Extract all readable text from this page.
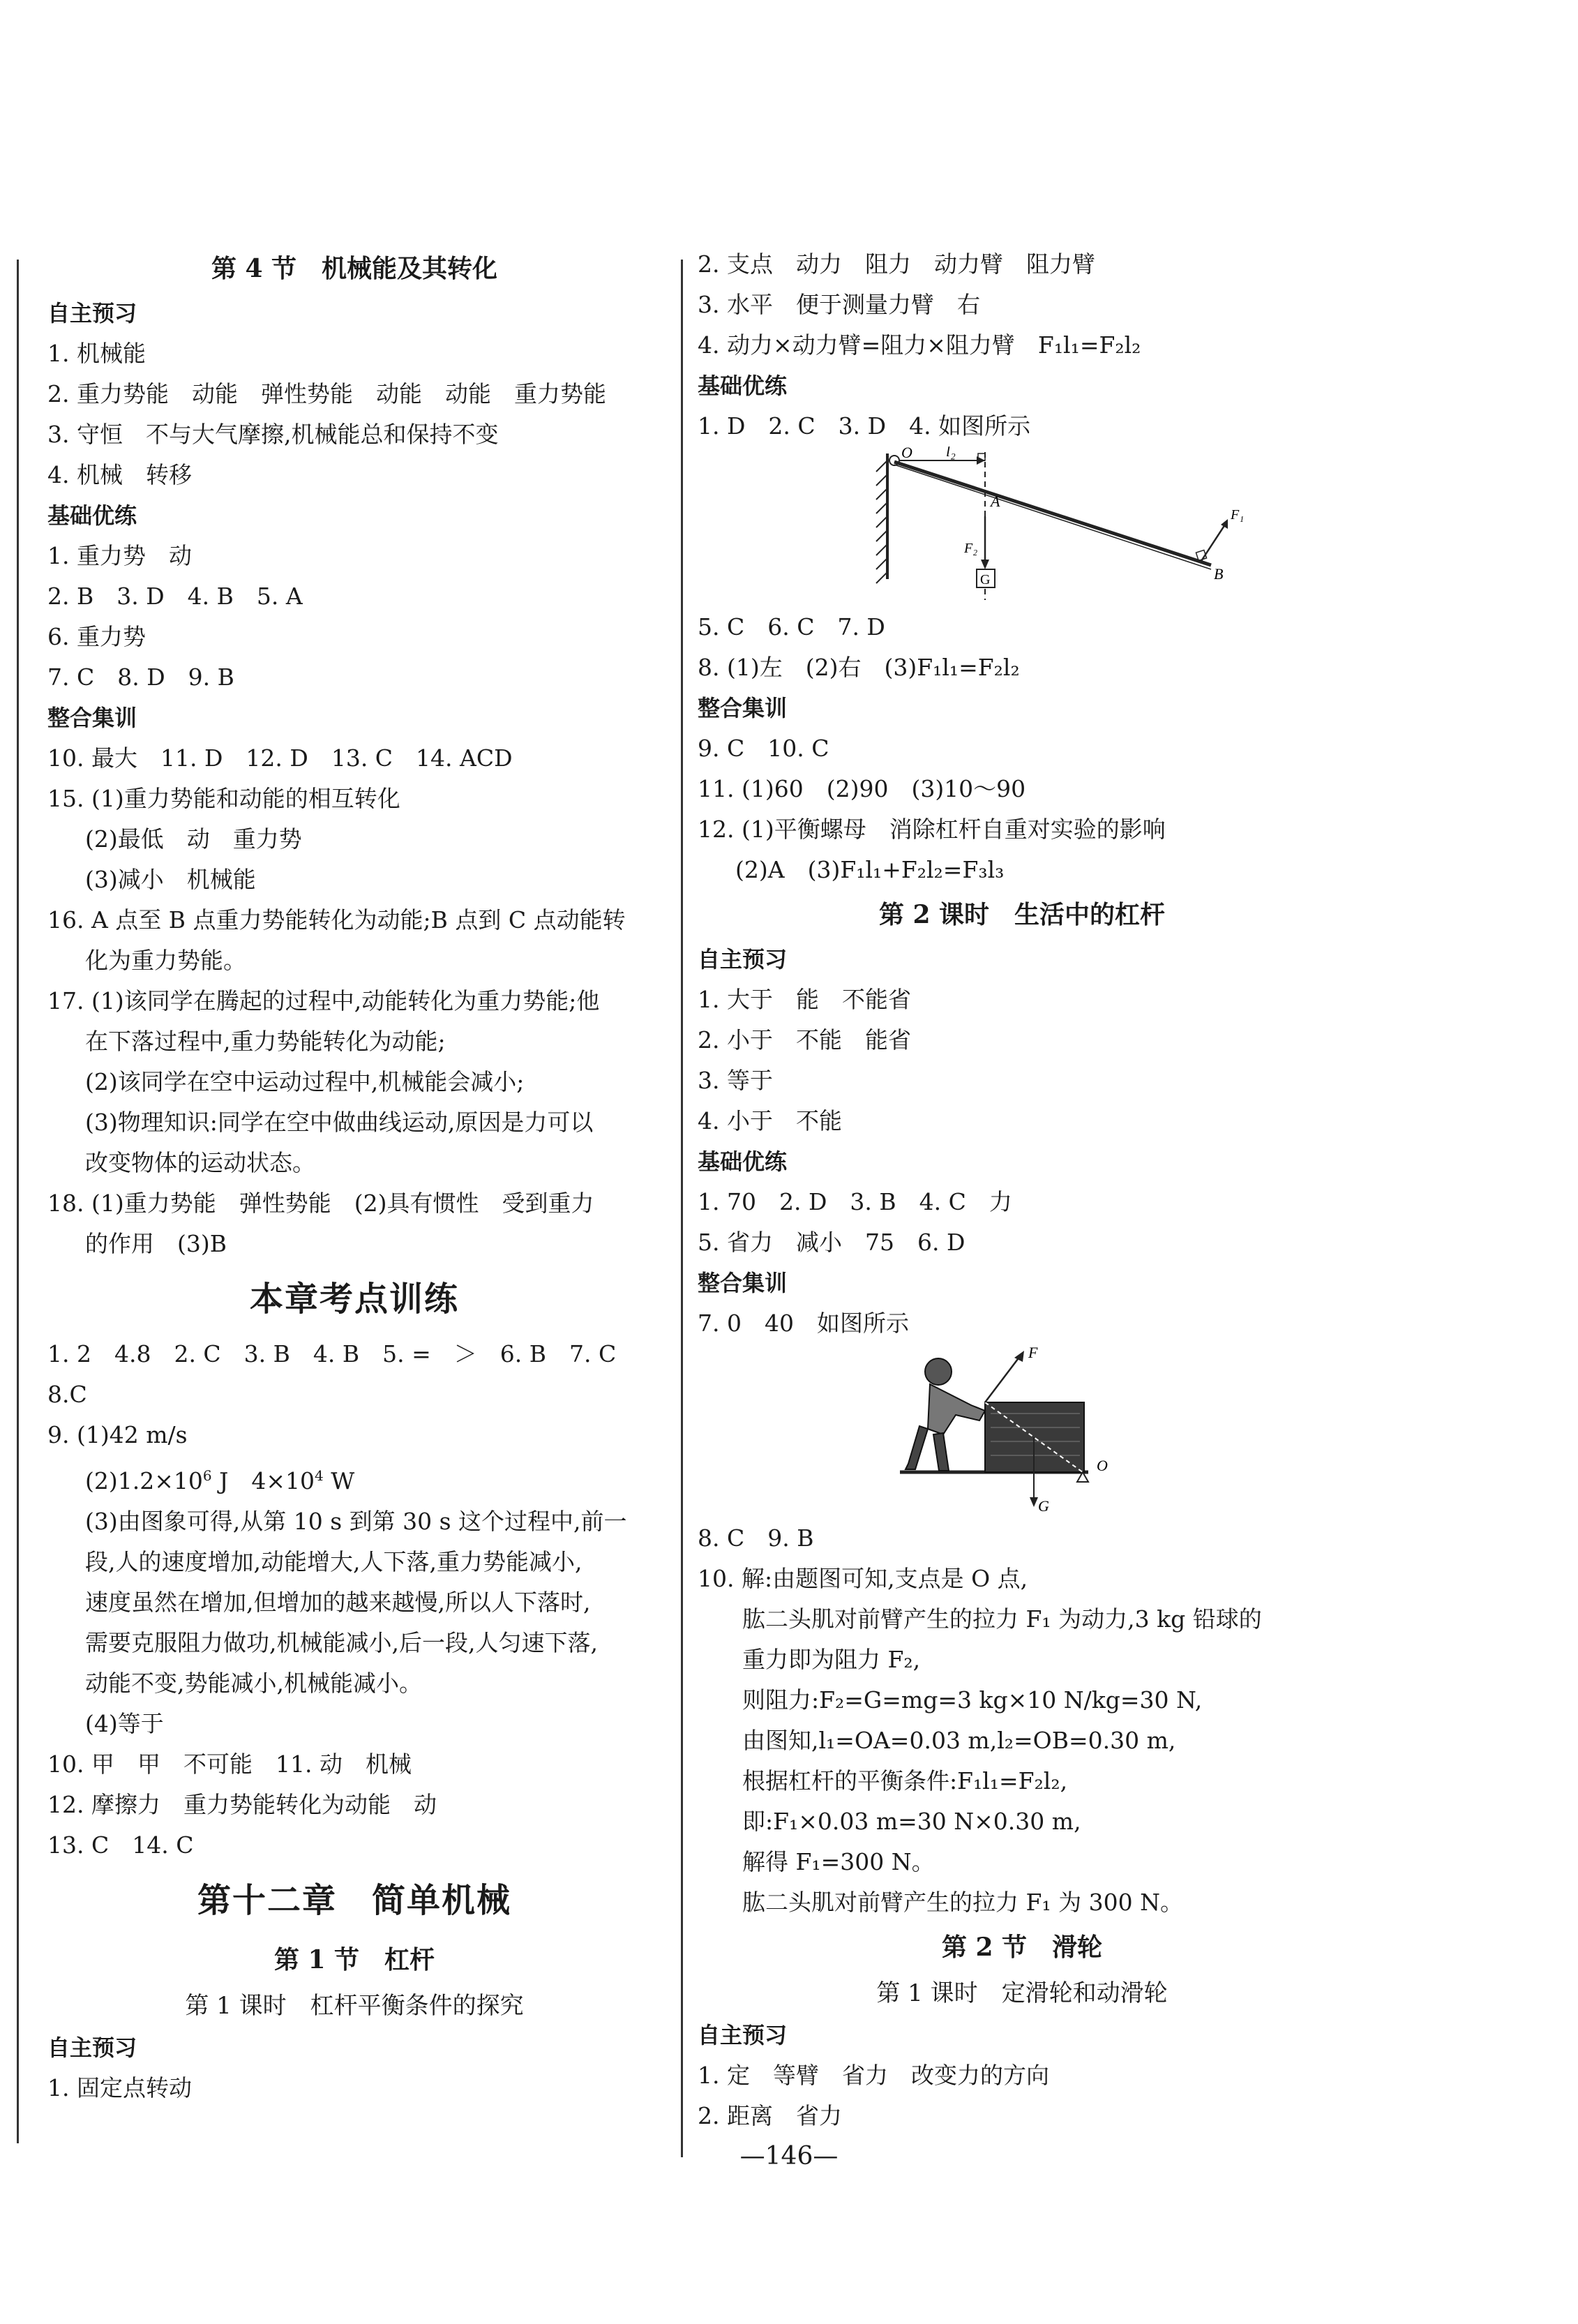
第 4 节　机械能及其转化
自主预习
1. 机械能
2. 重力势能　动能　弹性势能　动能　动能　重力势能
3. 守恒　不与大气摩擦,机械能总和保持不变
4. 机械　转移
基础优练
1. 重力势　动
2. B　3. D　4. B　5. A
6. 重力势
7. C　8. D　9. B
整合集训
10. 最大　11. D　12. D　13. C　14. ACD
15. (1)重力势能和动能的相互转化
(2)最低　动　重力势
(3)减小　机械能
16. A 点至 B 点重力势能转化为动能;B 点到 C 点动能转
化为重力势能。
17. (1)该同学在腾起的过程中,动能转化为重力势能;他
在下落过程中,重力势能转化为动能;
(2)该同学在空中运动过程中,机械能会减小;
(3)物理知识:同学在空中做曲线运动,原因是力可以
改变物体的运动状态。
18. (1)重力势能　弹性势能　(2)具有惯性　受到重力
的作用　(3)B
本章考点训练
1. 2　4.8　2. C　3. B　4. B　5. =　＞　6. B　7. C
8.C
9. (1)42 m/s
$(2)1.2\times 10^6$ J　$4\times 10^4$ W
(3)由图象可得,从第 10 s 到第 30 s 这个过程中,前一
段,人的速度增加,动能增大,人下落,重力势能减小,
速度虽然在增加,但增加的越来越慢,所以人下落时,
需要克服阻力做功,机械能减小,后一段,人匀速下落,
动能不变,势能减小,机械能减小。
(4)等于
10. 甲　甲　不可能　11. 动　机械
12. 摩擦力　重力势能转化为动能　动
13. C　14. C
第十二章　简单机械
第 1 节　杠杆
第 1 课时　杠杆平衡条件的探究
自主预习
1. 固定点转动
2. 支点　动力　阻力　动力臂　阻力臂
3. 水平　便于测量力臂　右
4. 动力×动力臂=阻力×阻力臂　F₁l₁=F₂l₂
基础优练
1. D　2. C　3. D　4. 如图所示
O l₂
A
F₂
F₁
B
G
5. C　6. C　7. D
8. (1)左　(2)右　(3)F₁l₁=F₂l₂
整合集训
9. C　10. C
11. (1)60　(2)90　(3)10～90
12. (1)平衡螺母　消除杠杆自重对实验的影响
(2)A　(3)F₁l₁+F₂l₂=F₃l₃
第 2 课时　生活中的杠杆
自主预习
1. 大于　能　不能省
2. 小于　不能　能省
3. 等于
4. 小于　不能
基础优练
1. 70　2. D　3. B　4. C　力
5. 省力　减小　75　6. D
整合集训
7. 0　40　如图所示
F
O
G
8. C　9. B
10. 解:由题图可知,支点是 O 点,
肱二头肌对前臂产生的拉力 F₁ 为动力,3 kg 铅球的
重力即为阻力 F₂,
则阻力:F₂=G=mg=3 kg×10 N/kg=30 N,
由图知,l₁=OA=0.03 m,l₂=OB=0.30 m,
根据杠杆的平衡条件:F₁l₁=F₂l₂,
即:F₁×0.03 m=30 N×0.30 m,
解得 F₁=300 N。
肱二头肌对前臂产生的拉力 F₁ 为 300 N。
第 2 节　滑轮
第 1 课时　定滑轮和动滑轮
自主预习
1. 定　等臂　省力　改变力的方向
2. 距离　省力
—146—
